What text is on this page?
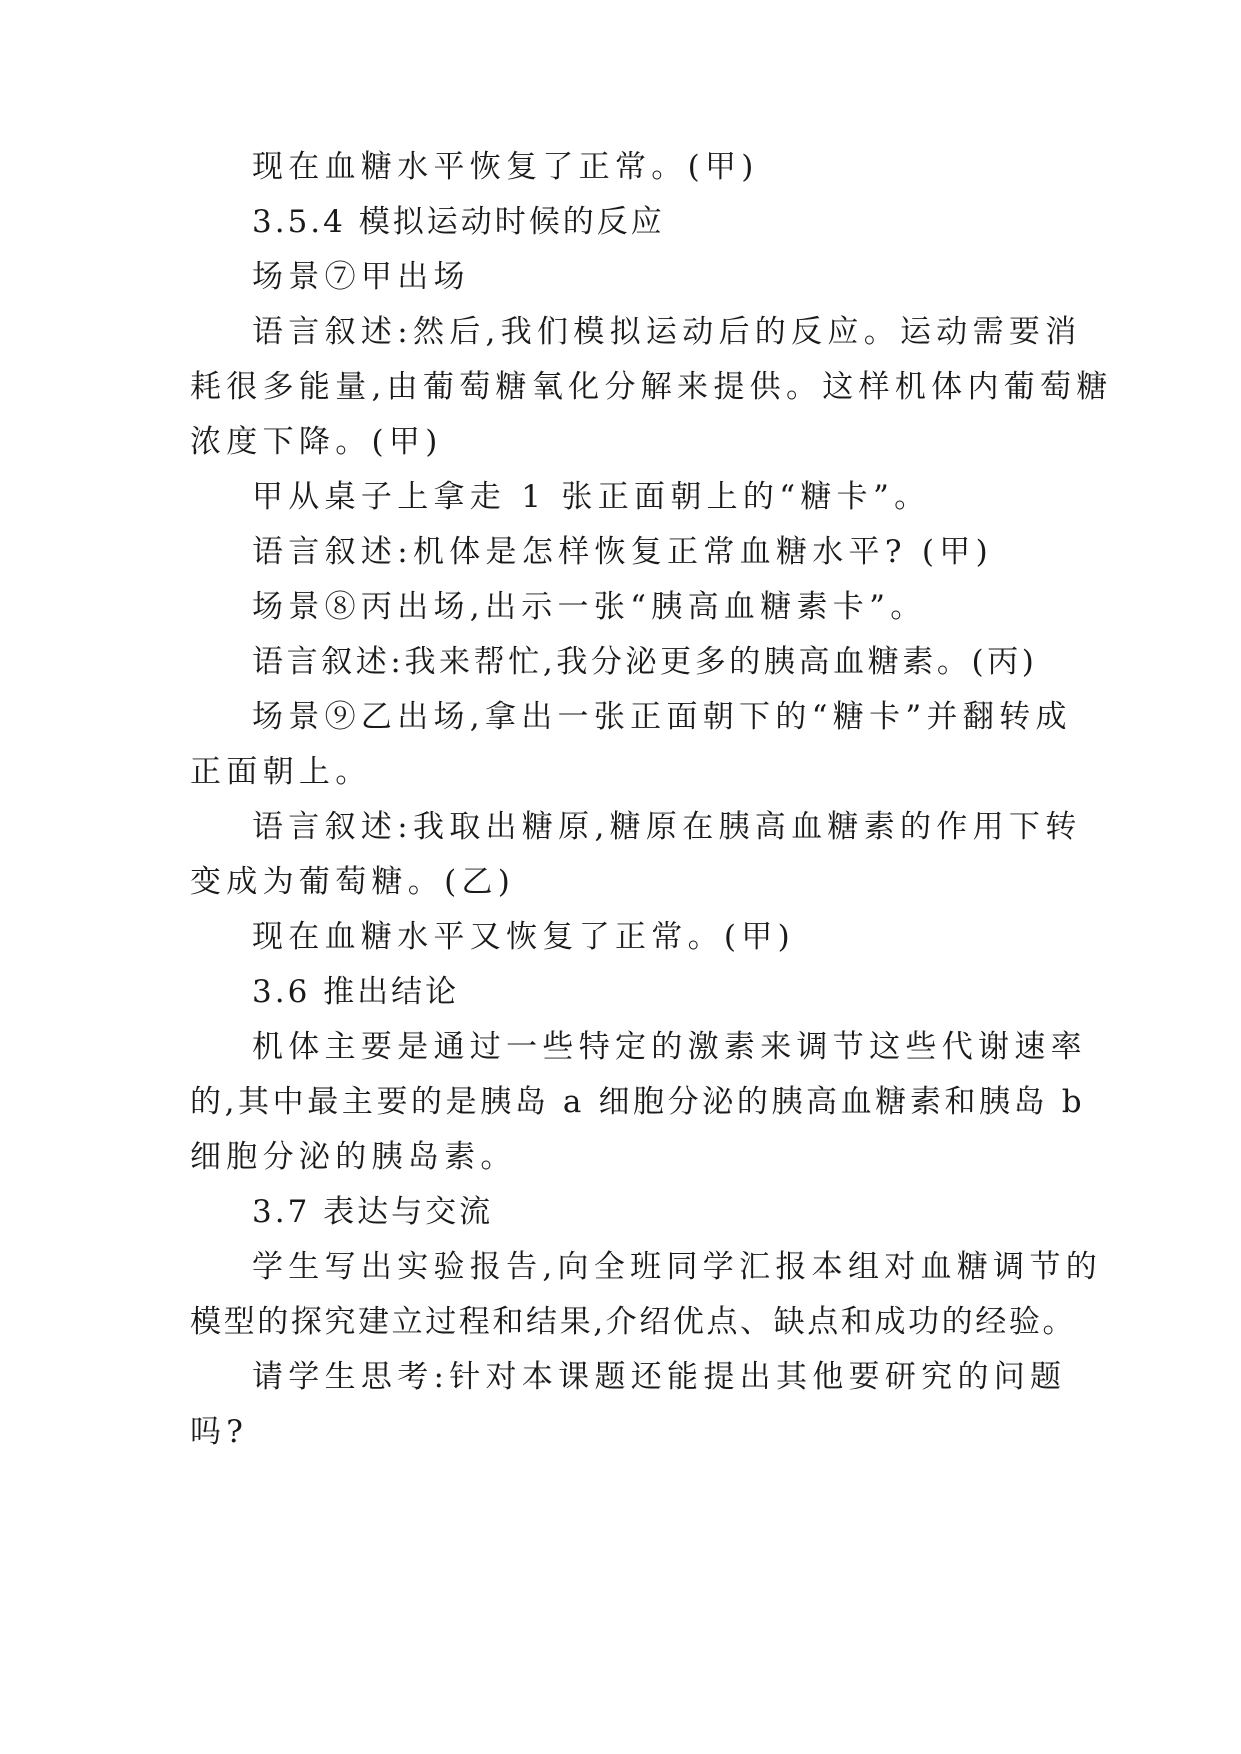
现在血糖水平恢复了正常。(甲)
3.5.4 模拟运动时候的反应
场景⑦甲出场
语言叙述:然后,我们模拟运动后的反应。运动需要消
耗很多能量,由葡萄糖氧化分解来提供。这样机体内葡萄糖
浓度下降。(甲)
甲从桌子上拿走 1 张正面朝上的“糖卡”。
语言叙述:机体是怎样恢复正常血糖水平? (甲)
场景⑧丙出场,出示一张“胰高血糖素卡”。
语言叙述:我来帮忙,我分泌更多的胰高血糖素。(丙)
场景⑨乙出场,拿出一张正面朝下的“糖卡”并翻转成
正面朝上。
语言叙述:我取出糖原,糖原在胰高血糖素的作用下转
变成为葡萄糖。(乙)
现在血糖水平又恢复了正常。(甲)
3.6 推出结论
机体主要是通过一些特定的激素来调节这些代谢速率
的,其中最主要的是胰岛 a 细胞分泌的胰高血糖素和胰岛 b
细胞分泌的胰岛素。
3.7 表达与交流
学生写出实验报告,向全班同学汇报本组对血糖调节的
模型的探究建立过程和结果,介绍优点、缺点和成功的经验。
请学生思考:针对本课题还能提出其他要研究的问题
吗?
